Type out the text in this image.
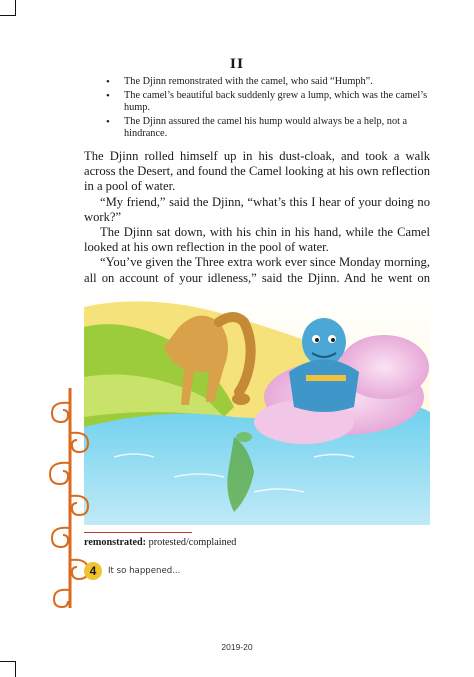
II
• The Djinn remonstrated with the camel, who said “Humph”.
• The camel’s beautiful back suddenly grew a lump, which was the camel’s hump.
• The Djinn assured the camel his hump would always be a help, not a hindrance.

The Djinn rolled himself up in his dust-cloak, and took a walk across the Desert, and found the Camel looking at his own reflection in a pool of water.

“My friend,” said the Djinn, “what’s this I hear of your doing no work?”

The Djinn sat down, with his chin in his hand, while the Camel looked at his own reflection in the pool of water.

“You’ve given the Three extra work ever since Monday morning, all on account of your idleness,” said the Djinn. And he went on

remonstrated: protested/complained
4	It so happened...
2019-20
